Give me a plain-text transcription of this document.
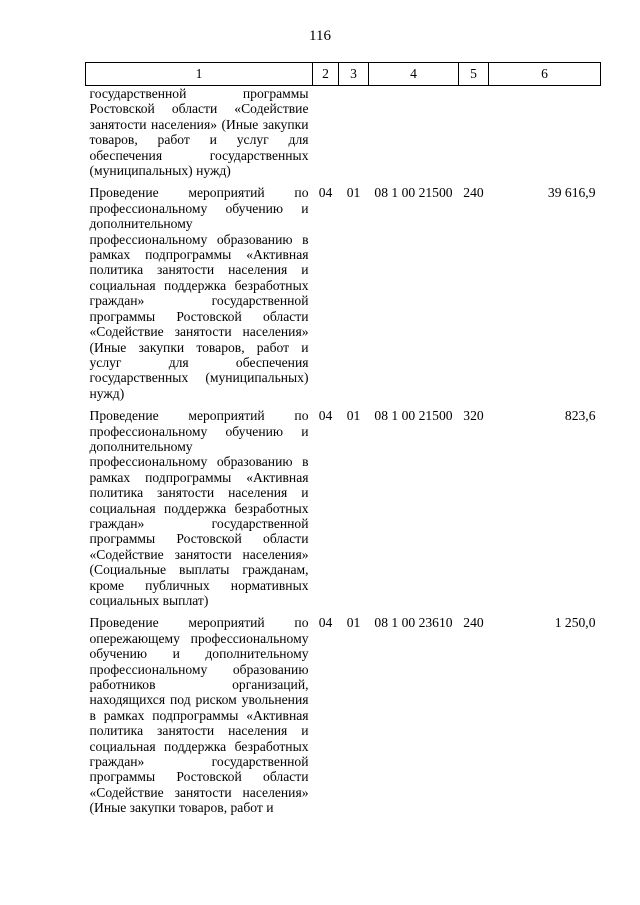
116
1	2	3	4	5	6
государственной программы Ростовской области «Содействие занятости населения» (Иные закупки товаров, работ и услуг для обеспечения государственных (муниципальных) нужд)					
Проведение мероприятий по профессиональному обучению и дополнительному профессиональному образованию в рамках подпрограммы «Активная политика занятости населения и социальная поддержка безработных граждан» государственной программы Ростовской области «Содействие занятости населения» (Иные закупки товаров, работ и услуг для обеспечения государственных (муниципальных) нужд)	04	01	08 1 00 21500	240	39 616,9
Проведение мероприятий по профессиональному обучению и дополнительному профессиональному образованию в рамках подпрограммы «Активная политика занятости населения и социальная поддержка безработных граждан» государственной программы Ростовской области «Содействие занятости населения» (Социальные выплаты гражданам, кроме публичных нормативных социальных выплат)	04	01	08 1 00 21500	320	823,6
Проведение мероприятий по опережающему профессиональному обучению и дополнительному профессиональному образованию работников организаций, находящихся под риском увольнения в рамках подпрограммы «Активная политика занятости населения и социальная поддержка безработных граждан» государственной программы Ростовской области «Содействие занятости населения» (Иные закупки товаров, работ и	04	01	08 1 00 23610	240	1 250,0
